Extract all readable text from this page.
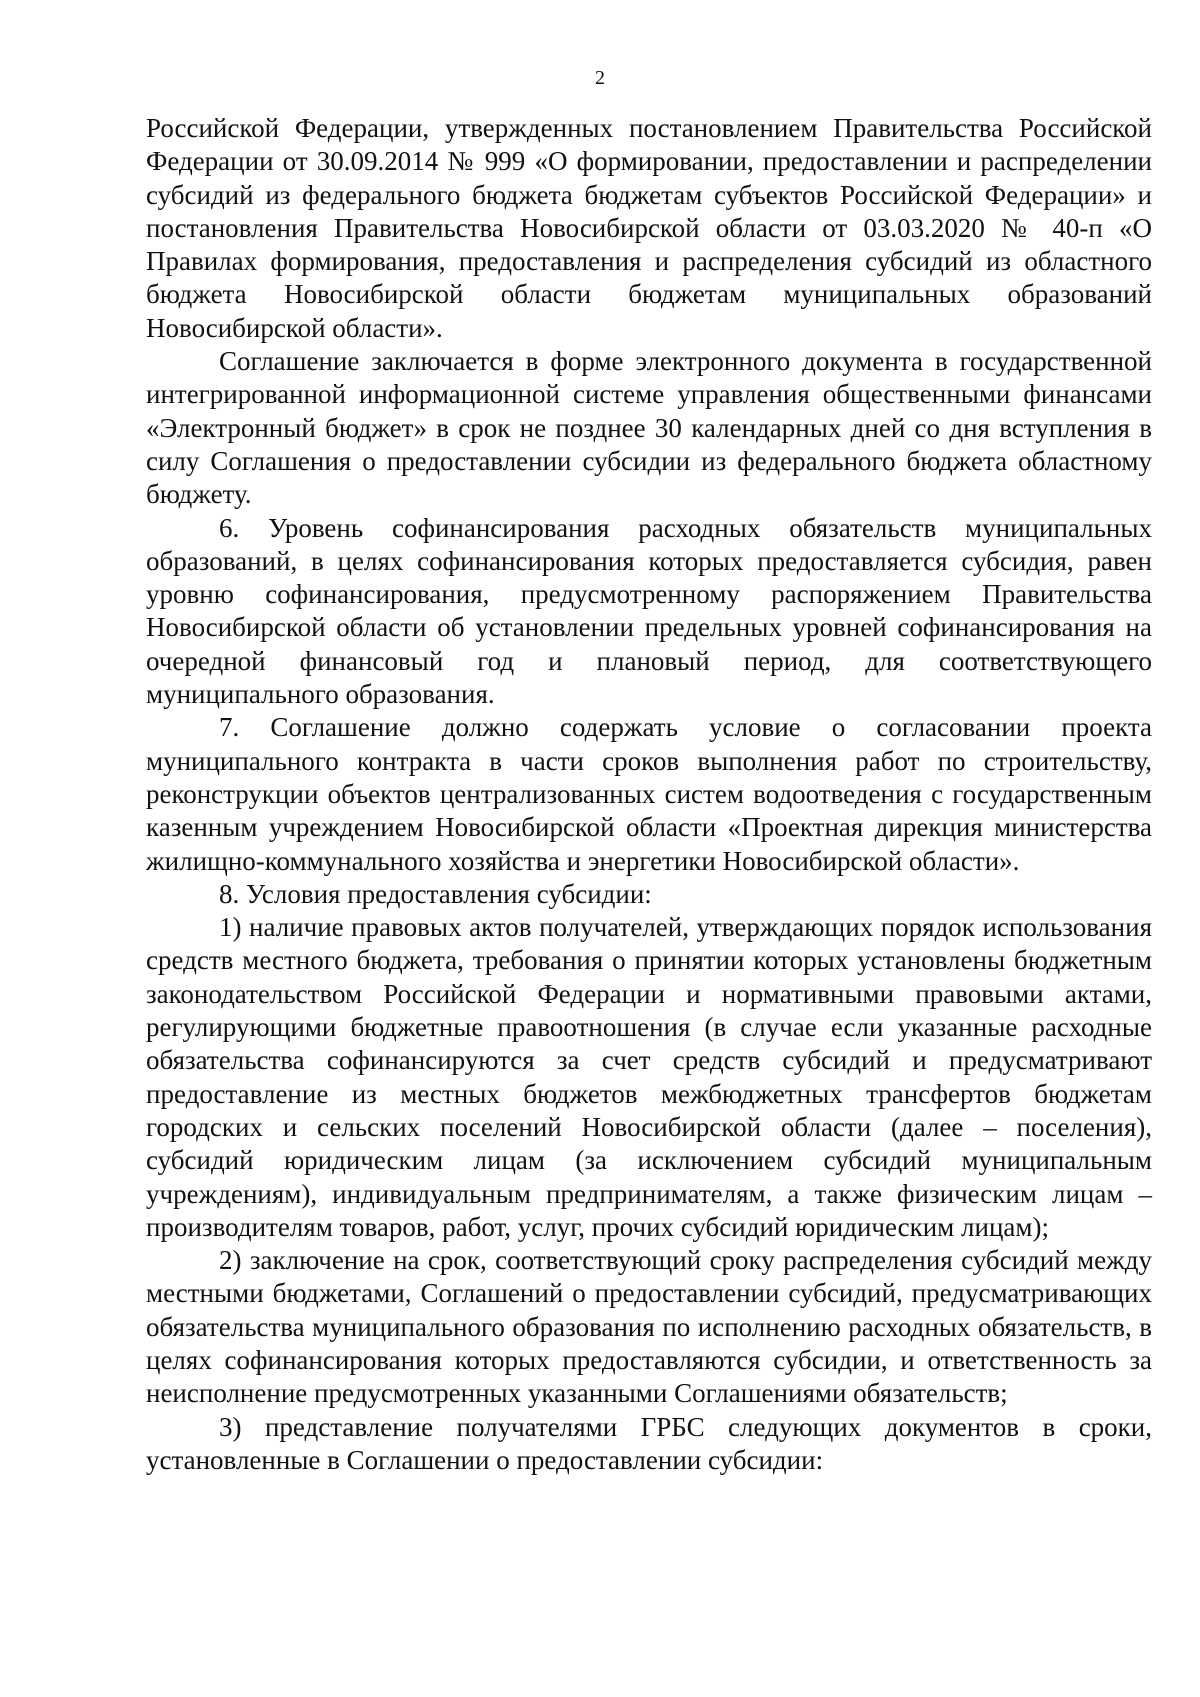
2

Российской Федерации, утвержденных постановлением Правительства Российской Федерации от 30.09.2014 № 999 «О формировании, предоставлении и распределении субсидий из федерального бюджета бюджетам субъектов Российской Федерации» и постановления Правительства Новосибирской области от 03.03.2020 № 40-п «О Правилах формирования, предоставления и распределения субсидий из областного бюджета Новосибирской области бюджетам муниципальных образований Новосибирской области».

Соглашение заключается в форме электронного документа в государственной интегрированной информационной системе управления общественными финансами «Электронный бюджет» в срок не позднее 30 календарных дней со дня вступления в силу Соглашения о предоставлении субсидии из федерального бюджета областному бюджету.

6. Уровень софинансирования расходных обязательств муниципальных образований, в целях софинансирования которых предоставляется субсидия, равен уровню софинансирования, предусмотренному распоряжением Правительства Новосибирской области об установлении предельных уровней софинансирования на очередной финансовый год и плановый период, для соответствующего муниципального образования.

7. Соглашение должно содержать условие о согласовании проекта муниципального контракта в части сроков выполнения работ по строительству, реконструкции объектов централизованных систем водоотведения с государственным казенным учреждением Новосибирской области «Проектная дирекция министерства жилищно-коммунального хозяйства и энергетики Новосибирской области».

8. Условия предоставления субсидии:

1) наличие правовых актов получателей, утверждающих порядок использования средств местного бюджета, требования о принятии которых установлены бюджетным законодательством Российской Федерации и нормативными правовыми актами, регулирующими бюджетные правоотношения (в случае если указанные расходные обязательства софинансируются за счет средств субсидий и предусматривают предоставление из местных бюджетов межбюджетных трансфертов бюджетам городских и сельских поселений Новосибирской области (далее – поселения), субсидий юридическим лицам (за исключением субсидий муниципальным учреждениям), индивидуальным предпринимателям, а также физическим лицам – производителям товаров, работ, услуг, прочих субсидий юридическим лицам);

2) заключение на срок, соответствующий сроку распределения субсидий между местными бюджетами, Соглашений о предоставлении субсидий, предусматривающих обязательства муниципального образования по исполнению расходных обязательств, в целях софинансирования которых предоставляются субсидии, и ответственность за неисполнение предусмотренных указанными Соглашениями обязательств;

3) представление получателями ГРБС следующих документов в сроки, установленные в Соглашении о предоставлении субсидии:
